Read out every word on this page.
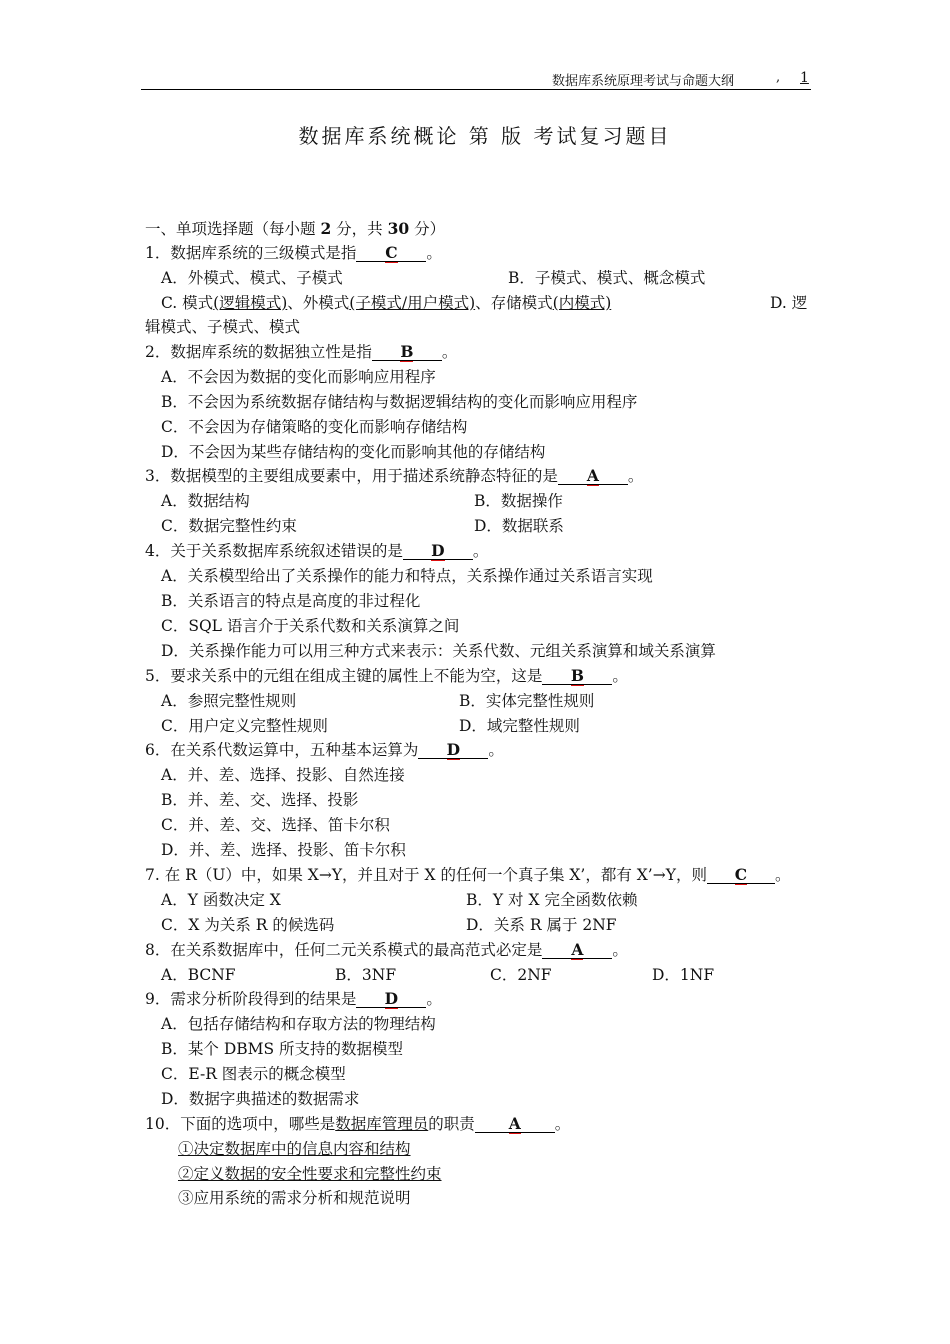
数据库系统原理考试与命题大纲	, 1
数据库系统概论 第 版 考试复习题目
一、单项选择题（每小题 2 分，共 30 分）
1．数据库系统的三级模式是指 C 。
A．外模式、模式、子模式	B．子模式、模式、概念模式
C. 模式(逻辑模式)、外模式(子模式/用户模式)、存储模式(内模式)	D. 逻
辑模式、子模式、模式
2．数据库系统的数据独立性是指 B 。
A．不会因为数据的变化而影响应用程序
B．不会因为系统数据存储结构与数据逻辑结构的变化而影响应用程序
C．不会因为存储策略的变化而影响存储结构
D．不会因为某些存储结构的变化而影响其他的存储结构
3．数据模型的主要组成要素中，用于描述系统静态特征的是 A 。
A．数据结构	B．数据操作
C．数据完整性约束	D．数据联系
4．关于关系数据库系统叙述错误的是 D 。
A．关系模型给出了关系操作的能力和特点，关系操作通过关系语言实现
B．关系语言的特点是高度的非过程化
C．SQL 语言介于关系代数和关系演算之间
D．关系操作能力可以用三种方式来表示：关系代数、元组关系演算和域关系演算
5．要求关系中的元组在组成主键的属性上不能为空，这是 B 。
A．参照完整性规则	B．实体完整性规则
C．用户定义完整性规则	D．域完整性规则
6．在关系代数运算中，五种基本运算为 D 。
A．并、差、选择、投影、自然连接
B．并、差、交、选择、投影
C．并、差、交、选择、笛卡尔积
D．并、差、选择、投影、笛卡尔积
7. 在 R（U）中，如果 X→Y，并且对于 X 的任何一个真子集 X’，都有 X’→Y，则 C 。
A．Y 函数决定 X	B．Y 对 X 完全函数依赖
C．X 为关系 R 的候选码	D．关系 R 属于 2NF
8．在关系数据库中，任何二元关系模式的最高范式必定是 A 。
A．BCNF	B．3NF	C．2NF	D．1NF
9．需求分析阶段得到的结果是 D 。
A．包括存储结构和存取方法的物理结构
B．某个 DBMS 所支持的数据模型
C．E-R 图表示的概念模型
D．数据字典描述的数据需求
10．下面的选项中，哪些是数据库管理员的职责 A 。
①决定数据库中的信息内容和结构
②定义数据的安全性要求和完整性约束
③应用系统的需求分析和规范说明
